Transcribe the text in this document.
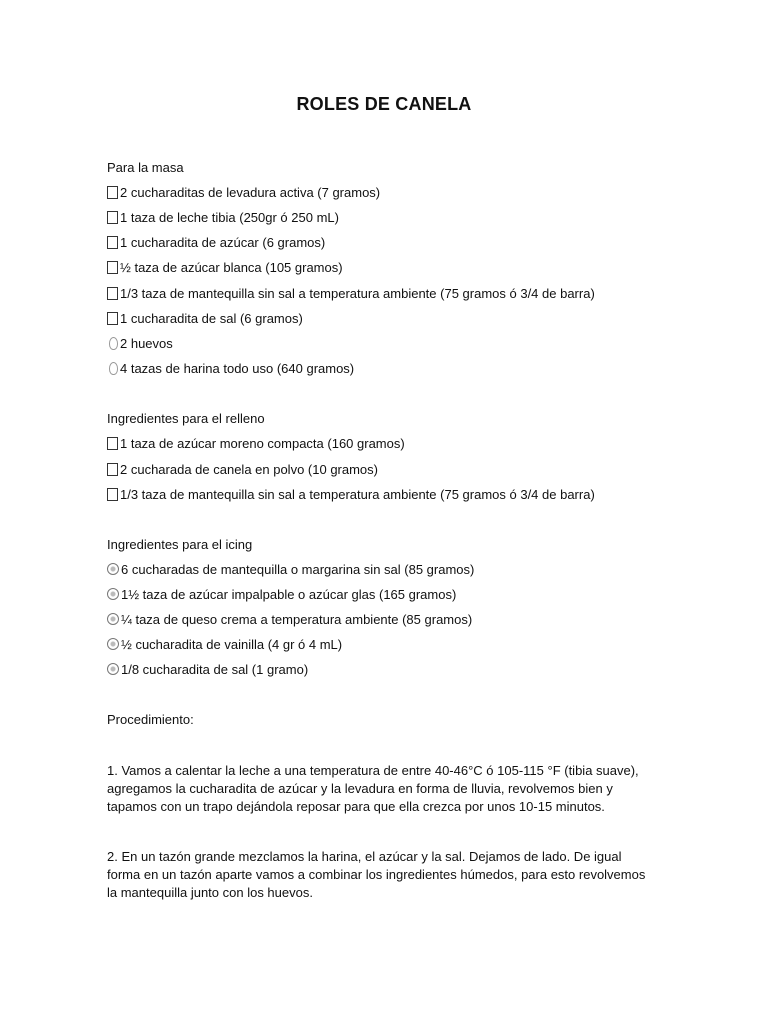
ROLES DE CANELA
Para la masa
2 cucharaditas de levadura activa (7 gramos)
1 taza de leche tibia (250gr ó 250 mL)
1 cucharadita de azúcar (6 gramos)
½ taza de azúcar blanca (105 gramos)
1/3 taza de mantequilla sin sal a temperatura ambiente (75 gramos ó 3/4 de barra)
1 cucharadita de sal (6 gramos)
2 huevos
4 tazas de harina todo uso (640 gramos)
Ingredientes para el relleno
1 taza de azúcar moreno compacta (160 gramos)
2 cucharada de canela en polvo (10 gramos)
1/3 taza de mantequilla sin sal a temperatura ambiente (75 gramos ó 3/4 de barra)
Ingredientes para el icing
6 cucharadas de mantequilla o margarina sin sal (85 gramos)
1½ taza de azúcar impalpable o azúcar glas (165 gramos)
¼ taza de queso crema a temperatura ambiente (85 gramos)
½ cucharadita de vainilla (4 gr ó 4 mL)
1/8 cucharadita de sal (1 gramo)
Procedimiento:
1. Vamos a calentar la leche a una temperatura de entre 40-46°C ó 105-115 °F (tibia suave), agregamos la cucharadita de azúcar y la levadura en forma de lluvia, revolvemos bien y tapamos con un trapo dejándola reposar para que ella crezca por unos 10-15 minutos.
2. En un tazón grande mezclamos la harina, el azúcar y la sal. Dejamos de lado. De igual forma en un tazón aparte vamos a combinar los ingredientes húmedos, para esto revolvemos la mantequilla junto con los huevos.
